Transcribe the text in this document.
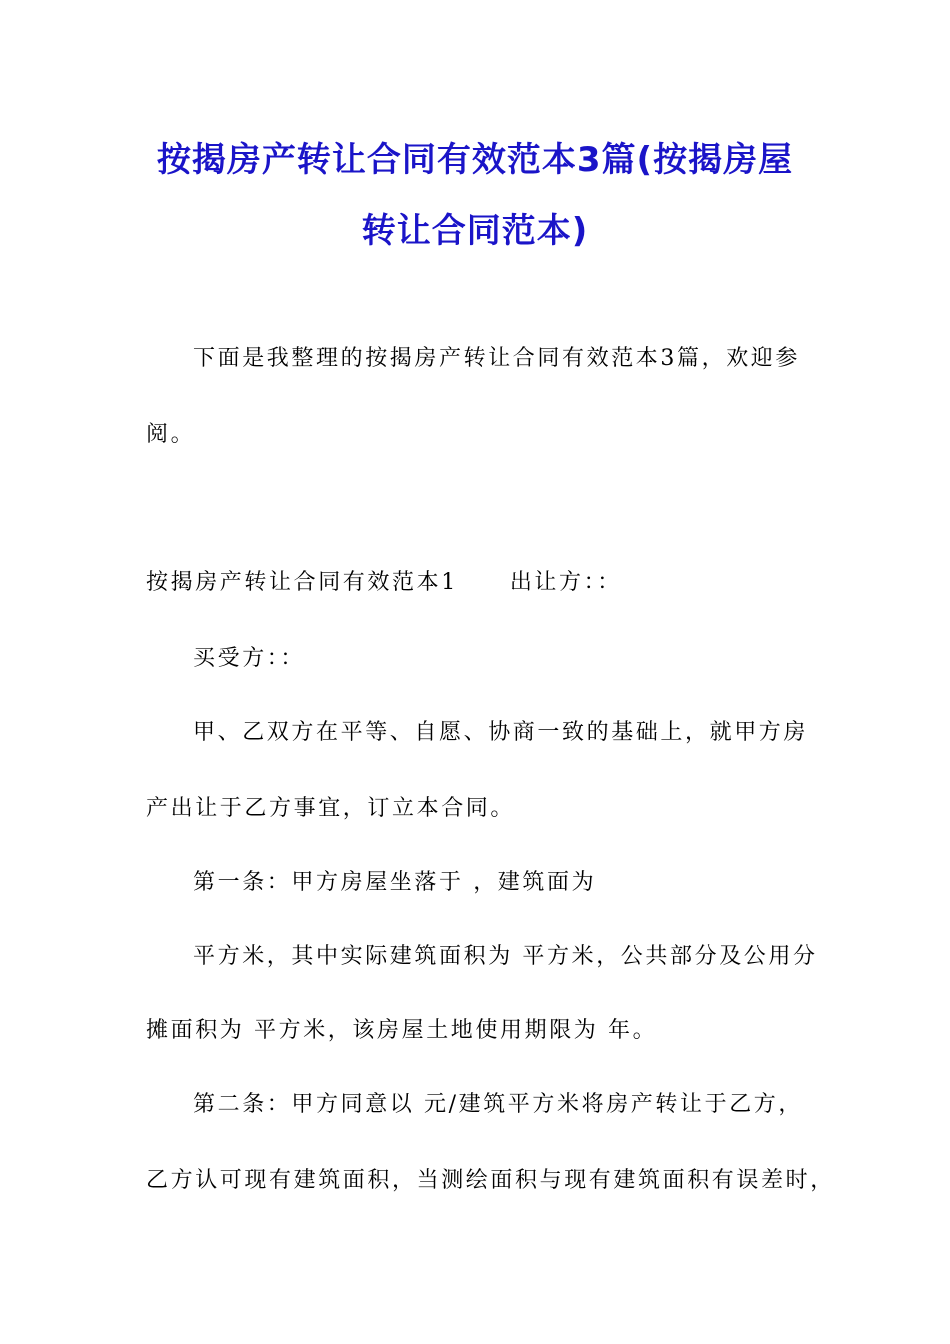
按揭房产转让合同有效范本3篇(按揭房屋
转让合同范本)
下面是我整理的按揭房产转让合同有效范本3篇，欢迎参
阅。
按揭房产转让合同有效范本1 出让方：：
买受方：：
甲、乙双方在平等、自愿、协商一致的基础上，就甲方房
产出让于乙方事宜，订立本合同。
第一条：甲方房屋坐落于 ，建筑面为
平方米，其中实际建筑面积为 平方米，公共部分及公用分
摊面积为 平方米，该房屋土地使用期限为 年。
第二条：甲方同意以 元/建筑平方米将房产转让于乙方，
乙方认可现有建筑面积，当测绘面积与现有建筑面积有误差时，
